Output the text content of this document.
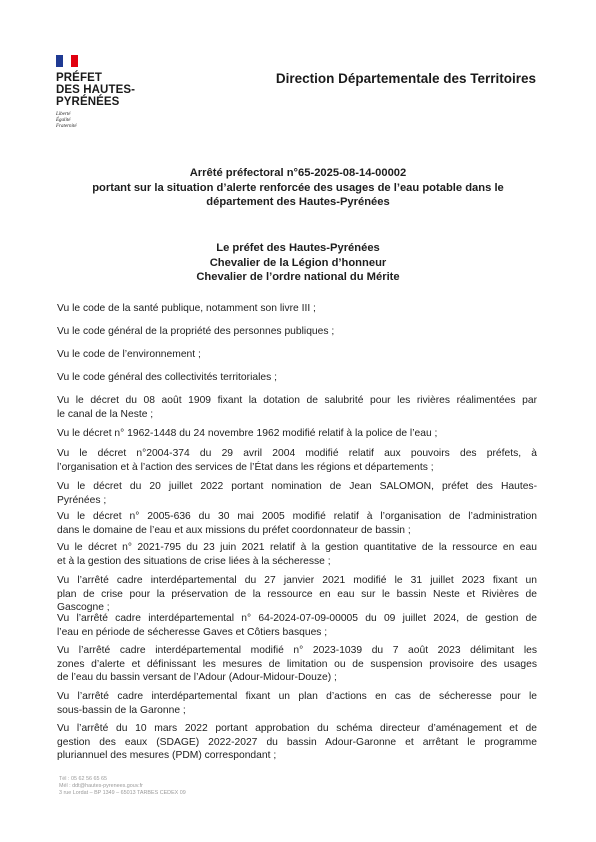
PRÉFET
DES HAUTES-
PYRÉNÉES
Liberté
Égalité
Fraternité
Direction Départementale des Territoires
Arrêté préfectoral n°65-2025-08-14-00002
portant sur la situation d’alerte renforcée des usages de l’eau potable dans le
département des Hautes-Pyrénées
Le préfet des Hautes-Pyrénées
Chevalier de la Légion d’honneur
Chevalier de l’ordre national du Mérite
Vu le code de la santé publique, notamment son livre III ;
Vu le code général de la propriété des personnes publiques ;
Vu le code de l’environnement ;
Vu le code général des collectivités territoriales ;
Vu le décret du 08 août 1909 fixant la dotation de salubrité pour les rivières réalimentées par
le canal de la Neste ;
Vu le décret n° 1962-1448 du 24 novembre 1962 modifié relatif à la police de l’eau ;
Vu le décret n°2004-374 du 29 avril 2004 modifié relatif aux pouvoirs des préfets, à
l’organisation et à l’action des services de l’État dans les régions et départements ;
Vu le décret du 20 juillet 2022 portant nomination de Jean SALOMON, préfet des Hautes-
Pyrénées ;
Vu le décret n° 2005-636 du 30 mai 2005 modifié relatif à l’organisation de l’administration
dans le domaine de l’eau et aux missions du préfet coordonnateur de bassin ;
Vu le décret n° 2021-795 du 23 juin 2021 relatif à la gestion quantitative de la ressource en eau
et à la gestion des situations de crise liées à la sécheresse ;
Vu l’arrêté cadre interdépartemental du 27 janvier 2021 modifié le 31 juillet 2023 fixant un
plan de crise pour la préservation de la ressource en eau sur le bassin Neste et Rivières de
Gascogne ;
Vu l’arrêté cadre interdépartemental n° 64-2024-07-09-00005 du 09 juillet 2024, de gestion de
l’eau en période de sécheresse Gaves et Côtiers basques ;
Vu l’arrêté cadre interdépartemental modifié n° 2023-1039 du 7 août 2023 délimitant les
zones d’alerte et définissant les mesures de limitation ou de suspension provisoire des usages
de l’eau du bassin versant de l’Adour (Adour-Midour-Douze) ;
Vu l’arrêté cadre interdépartemental fixant un plan d’actions en cas de sécheresse pour le
sous-bassin de la Garonne ;
Vu l’arrêté du 10 mars 2022 portant approbation du schéma directeur d’aménagement et de
gestion des eaux (SDAGE) 2022-2027 du bassin Adour-Garonne et arrêtant le programme
pluriannuel des mesures (PDM) correspondant ;
Tél : 05 62 56 65 65
Mél : ddt@hautes-pyrenees.gouv.fr
3 rue Lordat – BP 1349 – 65013 TARBES CEDEX 09
